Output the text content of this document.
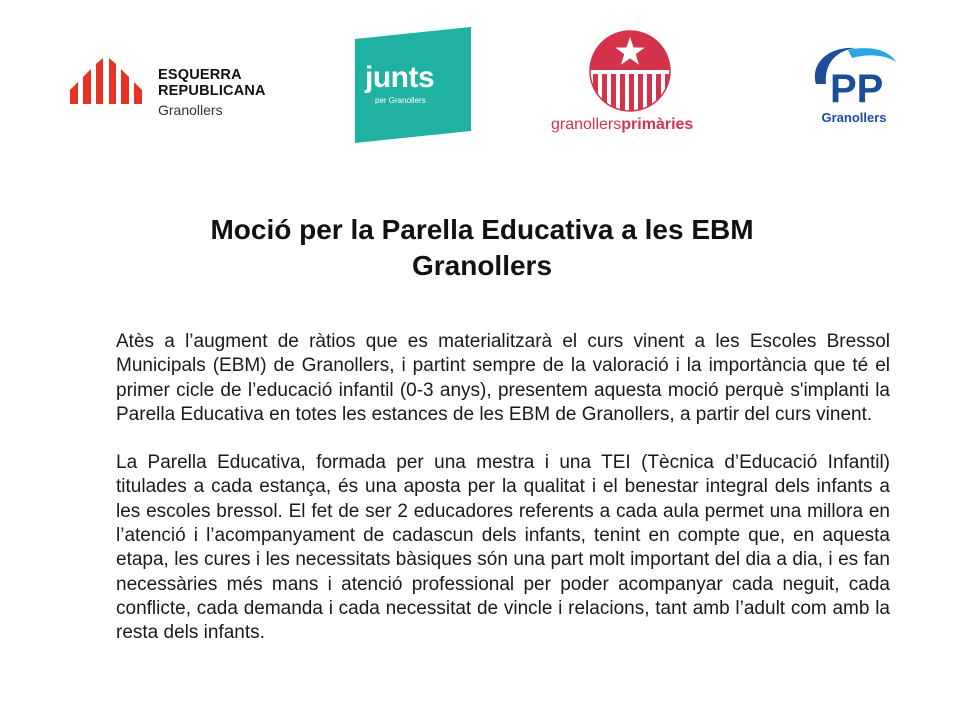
ESQUERRA
REPUBLICANA
Granollers
junts
per Granollers
granollersprimàries
PP
Granollers
Moció per la Parella Educativa a les EBM
Granollers

Atès a l’augment de ràtios que es materialitzarà el curs vinent a les Escoles Bressol Municipals (EBM) de Granollers, i partint sempre de la valoració i la importància que té el primer cicle de l’educació infantil (0-3 anys), presentem aquesta moció perquè s'implanti la Parella Educativa en totes les estances de les EBM de Granollers, a partir del curs vinent.

La Parella Educativa, formada per una mestra i una TEI (Tècnica d’Educació Infantil) titulades a cada estança, és una aposta per la qualitat i el benestar integral dels infants a les escoles bressol. El fet de ser 2 educadores referents a cada aula permet una millora en l’atenció i l’acompanyament de cadascun dels infants, tenint en compte que, en aquesta etapa, les cures i les necessitats bàsiques són una part molt important del dia a dia, i es fan necessàries més mans i atenció professional per poder acompanyar cada neguit, cada conflicte, cada demanda i cada necessitat de vincle i relacions, tant amb l’adult com amb la resta dels infants.
